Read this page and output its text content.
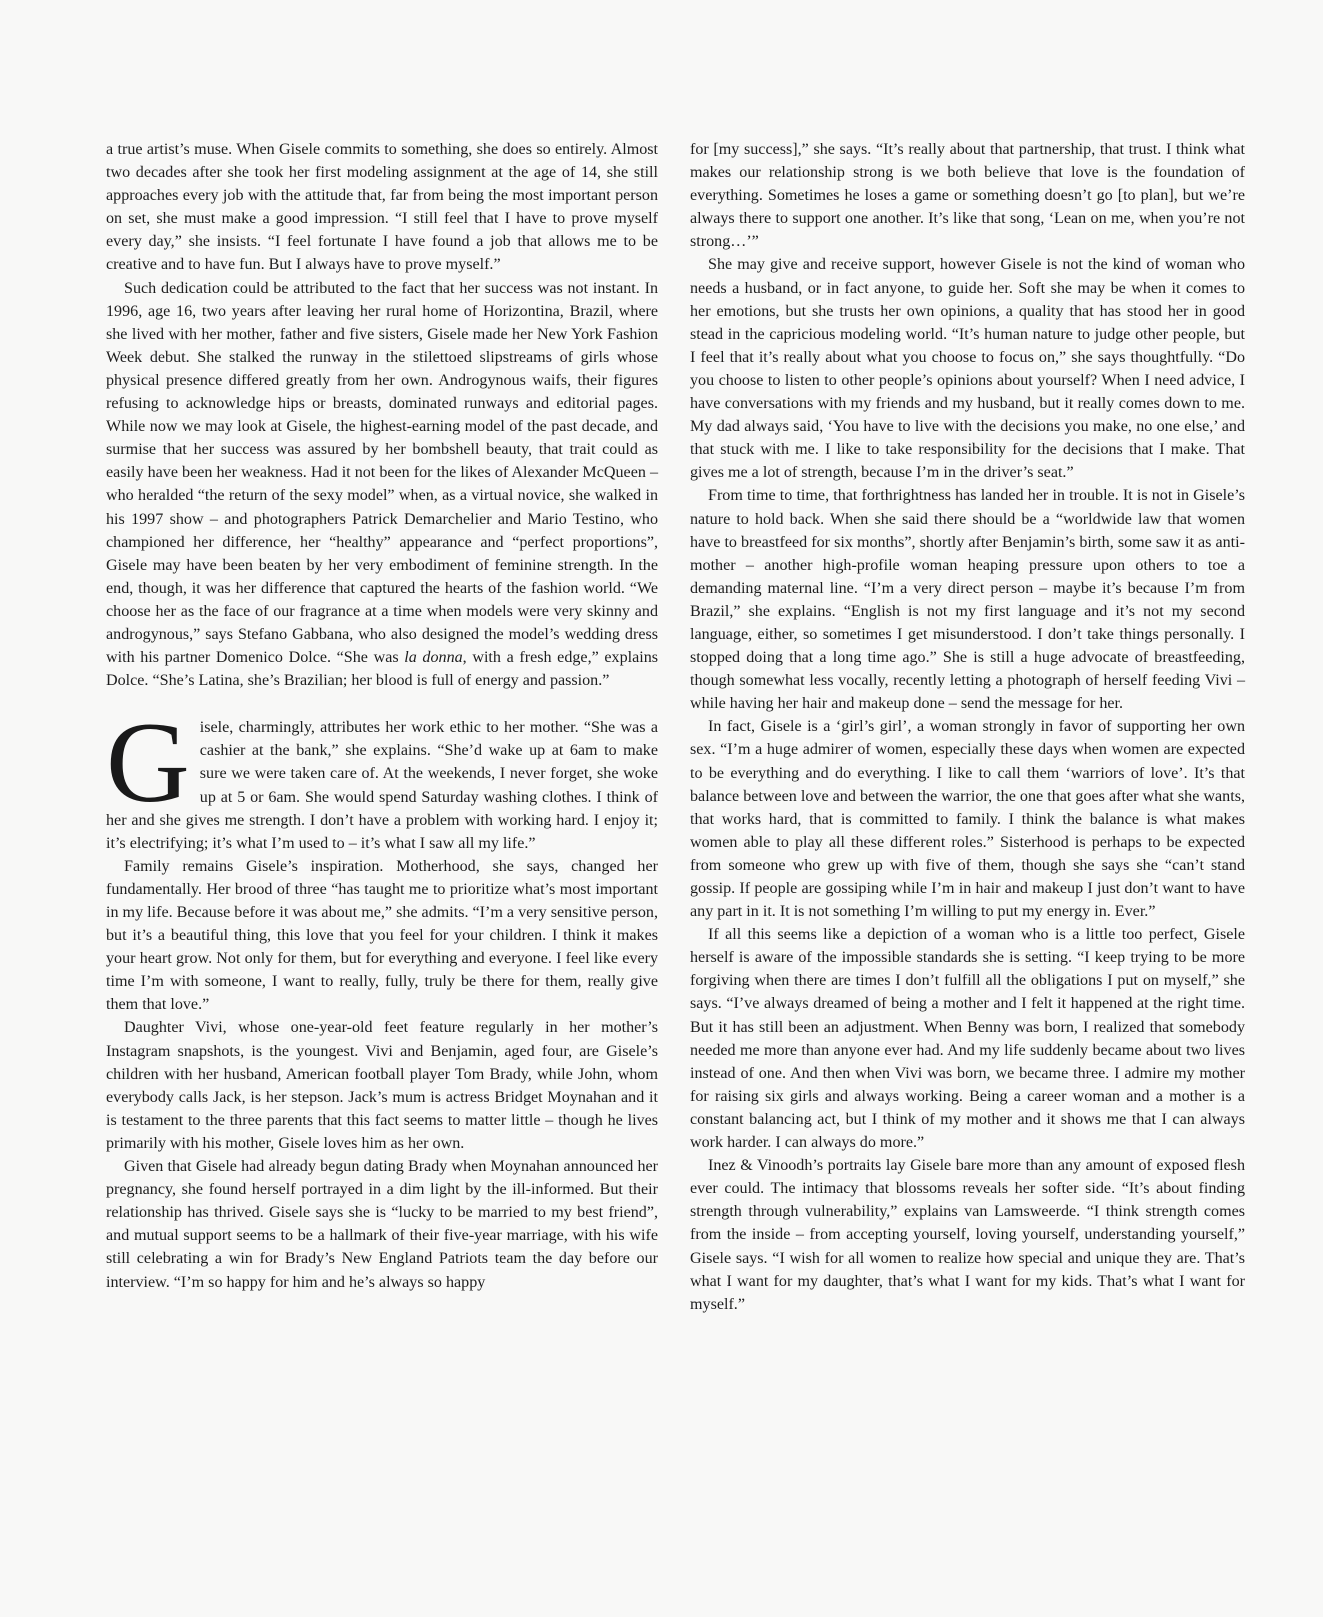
a true artist’s muse. When Gisele commits to something, she does so entirely. Almost two decades after she took her first modeling assignment at the age of 14, she still approaches every job with the attitude that, far from being the most important person on set, she must make a good impression. “I still feel that I have to prove myself every day,” she insists. “I feel fortunate I have found a job that allows me to be creative and to have fun. But I always have to prove myself.”

Such dedication could be attributed to the fact that her success was not instant. In 1996, age 16, two years after leaving her rural home of Horizontina, Brazil, where she lived with her mother, father and five sisters, Gisele made her New York Fashion Week debut. She stalked the runway in the stilettoed slipstreams of girls whose physical presence differed greatly from her own. Androgynous waifs, their figures refusing to acknowledge hips or breasts, dominated runways and editorial pages. While now we may look at Gisele, the highest-earning model of the past decade, and surmise that her success was assured by her bombshell beauty, that trait could as easily have been her weakness. Had it not been for the likes of Alexander McQueen – who heralded “the return of the sexy model” when, as a virtual novice, she walked in his 1997 show – and photographers Patrick Demarchelier and Mario Testino, who championed her difference, her “healthy” appearance and “perfect proportions”, Gisele may have been beaten by her very embodiment of feminine strength. In the end, though, it was her difference that captured the hearts of the fashion world. “We choose her as the face of our fragrance at a time when models were very skinny and androgynous,” says Stefano Gabbana, who also designed the model’s wedding dress with his partner Domenico Dolce. “She was la donna, with a fresh edge,” explains Dolce. “She’s Latina, she’s Brazilian; her blood is full of energy and passion.”

Gisele, charmingly, attributes her work ethic to her mother. “She was a cashier at the bank,” she explains. “She’d wake up at 6am to make sure we were taken care of. At the weekends, I never forget, she woke up at 5 or 6am. She would spend Saturday washing clothes. I think of her and she gives me strength. I don’t have a problem with working hard. I enjoy it; it’s electrifying; it’s what I’m used to – it’s what I saw all my life.”

Family remains Gisele’s inspiration. Motherhood, she says, changed her fundamentally. Her brood of three “has taught me to prioritize what’s most important in my life. Because before it was about me,” she admits. “I’m a very sensitive person, but it’s a beautiful thing, this love that you feel for your children. I think it makes your heart grow. Not only for them, but for everything and everyone. I feel like every time I’m with someone, I want to really, fully, truly be there for them, really give them that love.”

Daughter Vivi, whose one-year-old feet feature regularly in her mother’s Instagram snapshots, is the youngest. Vivi and Benjamin, aged four, are Gisele’s children with her husband, American football player Tom Brady, while John, whom everybody calls Jack, is her stepson. Jack’s mum is actress Bridget Moynahan and it is testament to the three parents that this fact seems to matter little – though he lives primarily with his mother, Gisele loves him as her own.

Given that Gisele had already begun dating Brady when Moynahan announced her pregnancy, she found herself portrayed in a dim light by the ill-informed. But their relationship has thrived. Gisele says she is “lucky to be married to my best friend”, and mutual support seems to be a hallmark of their five-year marriage, with his wife still celebrating a win for Brady’s New England Patriots team the day before our interview. “I’m so happy for him and he’s always so happy

for [my success],” she says. “It’s really about that partnership, that trust. I think what makes our relationship strong is we both believe that love is the foundation of everything. Sometimes he loses a game or something doesn’t go [to plan], but we’re always there to support one another. It’s like that song, ‘Lean on me, when you’re not strong…’”

She may give and receive support, however Gisele is not the kind of woman who needs a husband, or in fact anyone, to guide her. Soft she may be when it comes to her emotions, but she trusts her own opinions, a quality that has stood her in good stead in the capricious modeling world. “It’s human nature to judge other people, but I feel that it’s really about what you choose to focus on,” she says thoughtfully. “Do you choose to listen to other people’s opinions about yourself? When I need advice, I have conversations with my friends and my husband, but it really comes down to me. My dad always said, ‘You have to live with the decisions you make, no one else,’ and that stuck with me. I like to take responsibility for the decisions that I make. That gives me a lot of strength, because I’m in the driver’s seat.”

From time to time, that forthrightness has landed her in trouble. It is not in Gisele’s nature to hold back. When she said there should be a “worldwide law that women have to breastfeed for six months”, shortly after Benjamin’s birth, some saw it as anti-mother – another high-profile woman heaping pressure upon others to toe a demanding maternal line. “I’m a very direct person – maybe it’s because I’m from Brazil,” she explains. “English is not my first language and it’s not my second language, either, so sometimes I get misunderstood. I don’t take things personally. I stopped doing that a long time ago.” She is still a huge advocate of breastfeeding, though somewhat less vocally, recently letting a photograph of herself feeding Vivi – while having her hair and makeup done – send the message for her.

In fact, Gisele is a ‘girl’s girl’, a woman strongly in favor of supporting her own sex. “I’m a huge admirer of women, especially these days when women are expected to be everything and do everything. I like to call them ‘warriors of love’. It’s that balance between love and between the warrior, the one that goes after what she wants, that works hard, that is committed to family. I think the balance is what makes women able to play all these different roles.” Sisterhood is perhaps to be expected from someone who grew up with five of them, though she says she “can’t stand gossip. If people are gossiping while I’m in hair and makeup I just don’t want to have any part in it. It is not something I’m willing to put my energy in. Ever.”

If all this seems like a depiction of a woman who is a little too perfect, Gisele herself is aware of the impossible standards she is setting. “I keep trying to be more forgiving when there are times I don’t fulfill all the obligations I put on myself,” she says. “I’ve always dreamed of being a mother and I felt it happened at the right time. But it has still been an adjustment. When Benny was born, I realized that somebody needed me more than anyone ever had. And my life suddenly became about two lives instead of one. And then when Vivi was born, we became three. I admire my mother for raising six girls and always working. Being a career woman and a mother is a constant balancing act, but I think of my mother and it shows me that I can always work harder. I can always do more.”

Inez & Vinoodh’s portraits lay Gisele bare more than any amount of exposed flesh ever could. The intimacy that blossoms reveals her softer side. “It’s about finding strength through vulnerability,” explains van Lamsweerde. “I think strength comes from the inside – from accepting yourself, loving yourself, understanding yourself,” Gisele says. “I wish for all women to realize how special and unique they are. That’s what I want for my daughter, that’s what I want for my kids. That’s what I want for myself.”
